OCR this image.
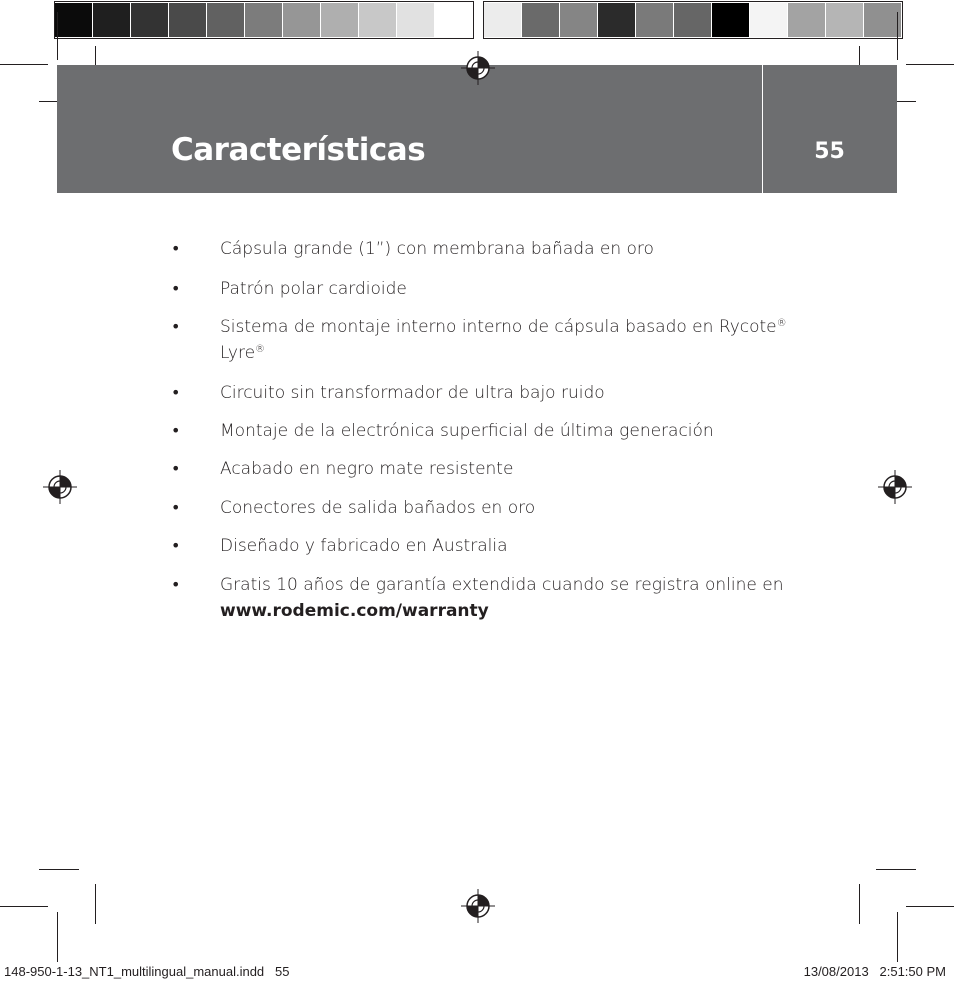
Características	55
• Cápsula grande (1”) con membrana bañada en oro
• Patrón polar cardioide
• Sistema de montaje interno interno de cápsula basado en Rycote® Lyre®
• Circuito sin transformador de ultra bajo ruido
• Montaje de la electrónica superficial de última generación
• Acabado en negro mate resistente
• Conectores de salida bañados en oro
• Diseñado y fabricado en Australia
• Gratis 10 años de garantía extendida cuando se registra online en www.rodemic.com/warranty
148-950-1-13_NT1_multilingual_manual.indd   55	13/08/2013   2:51:50 PM
